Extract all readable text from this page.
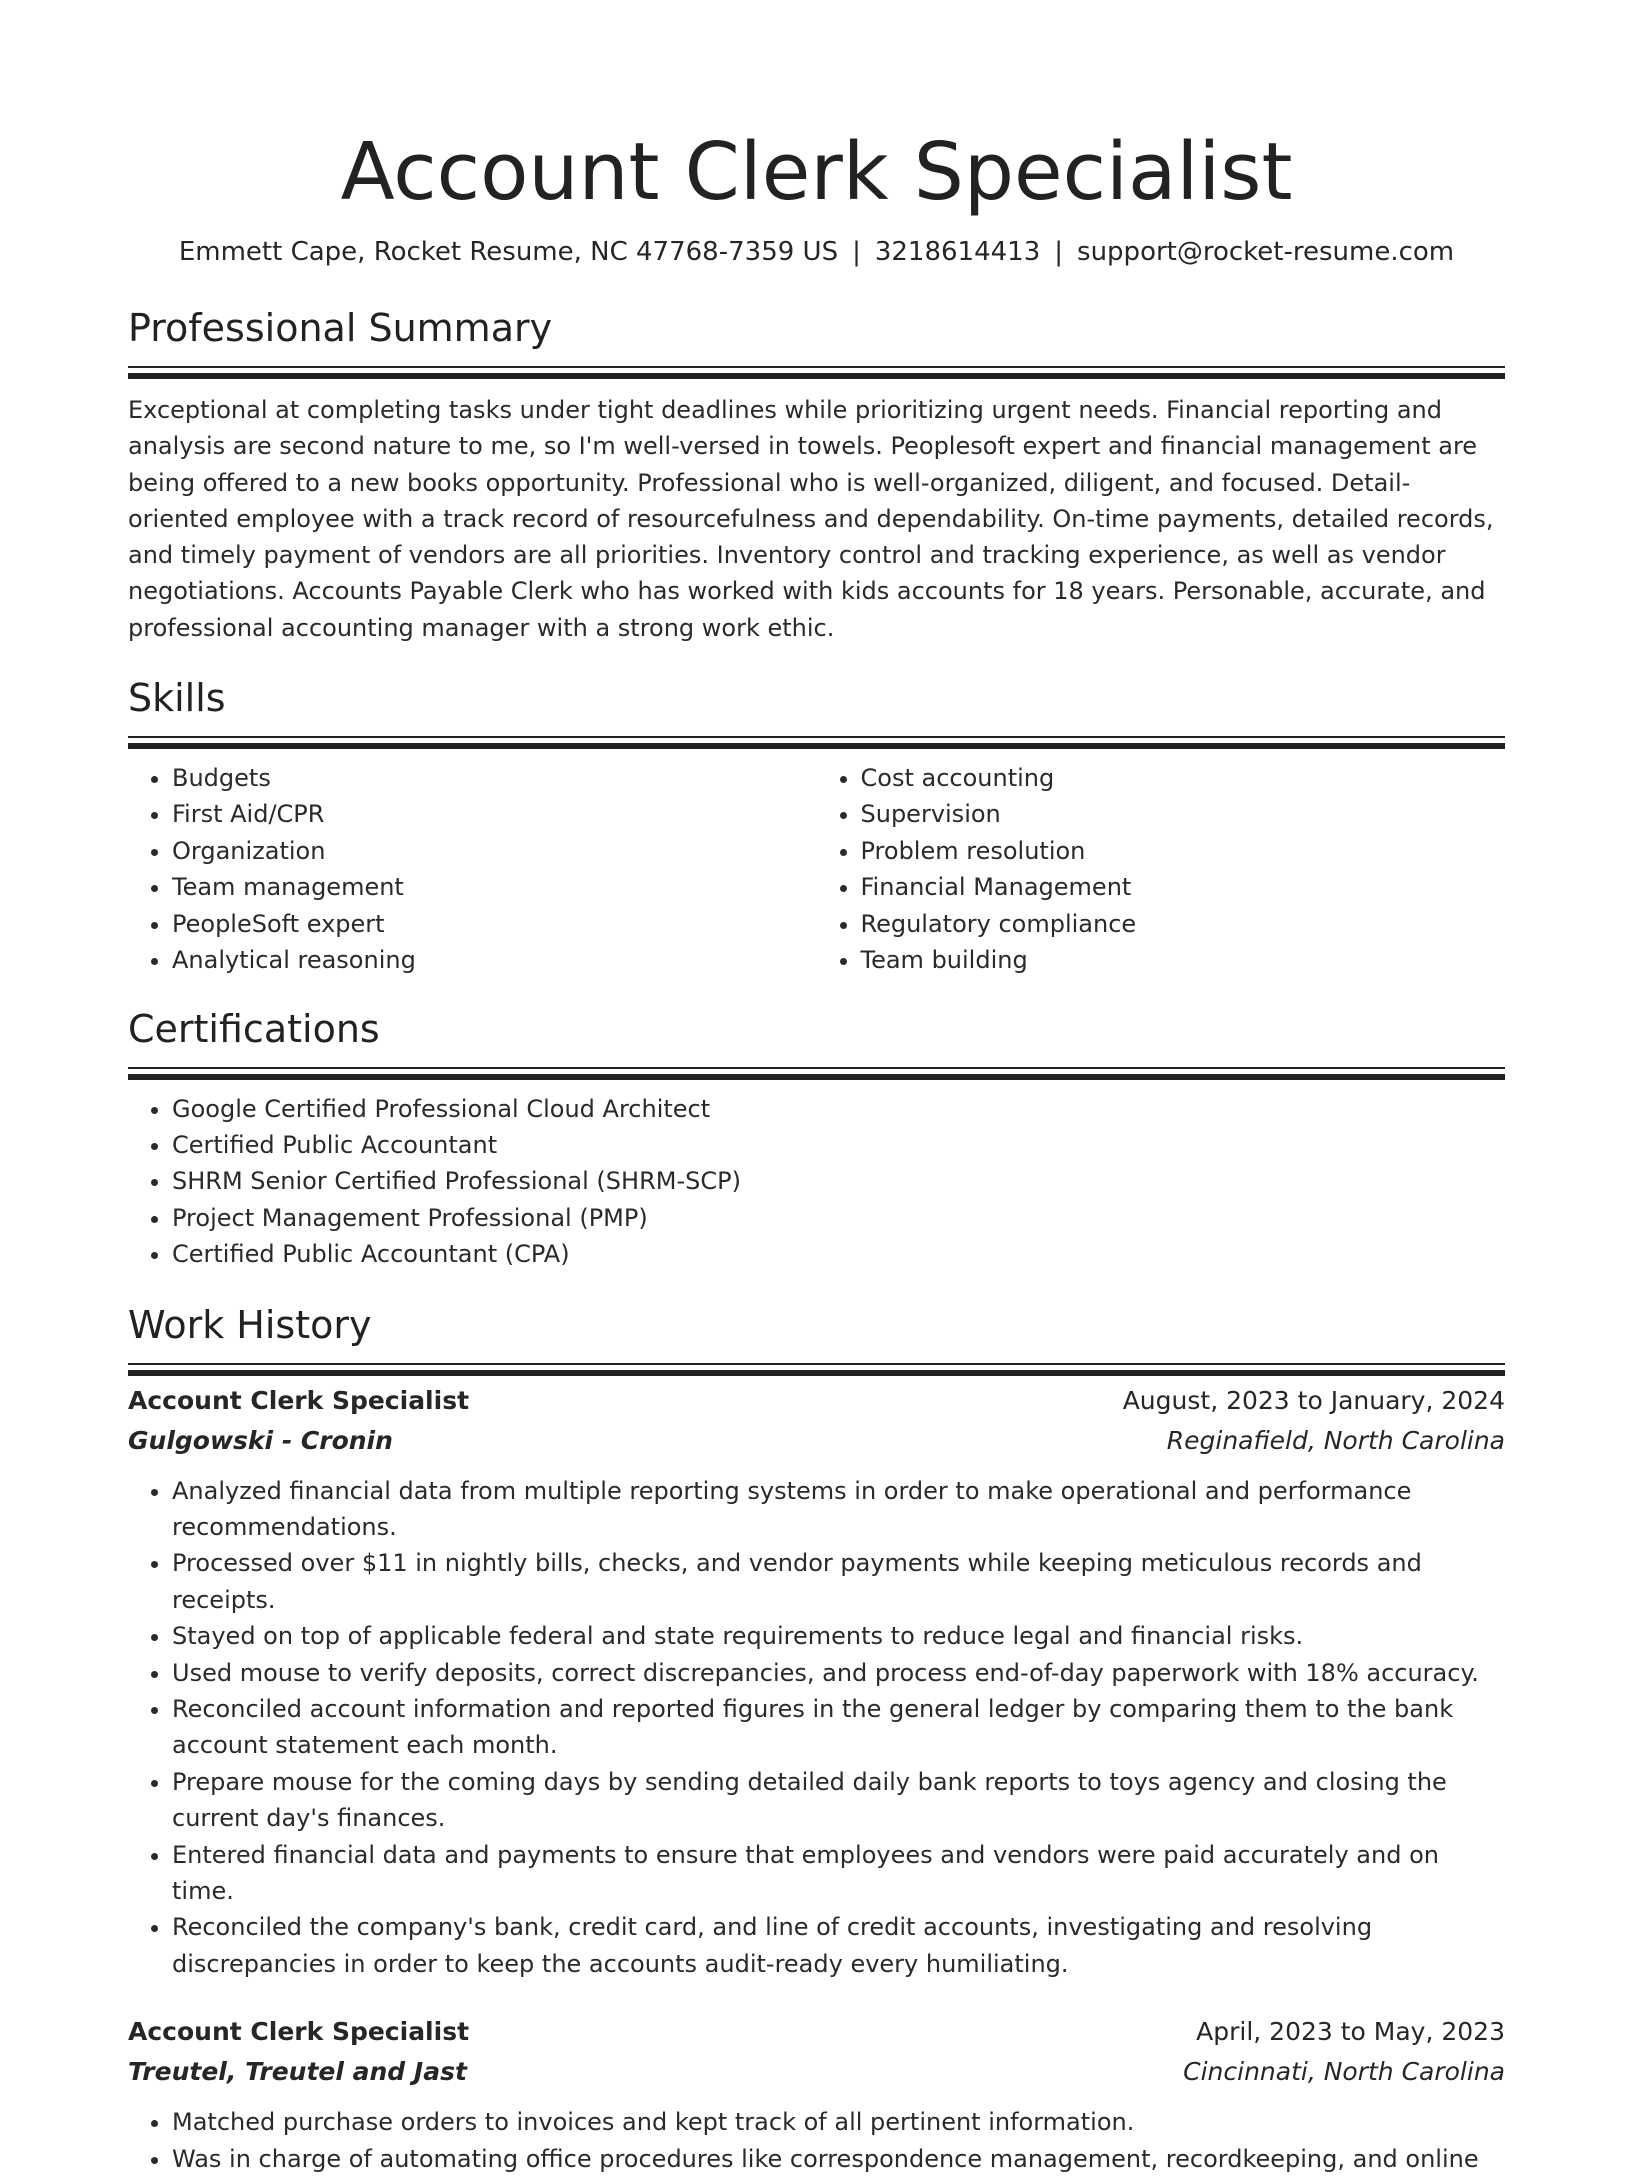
Account Clerk Specialist
Emmett Cape, Rocket Resume, NC 47768-7359 US | 3218614413 | support@rocket-resume.com
Professional Summary

Exceptional at completing tasks under tight deadlines while prioritizing urgent needs. Financial reporting and analysis are second nature to me, so I'm well-versed in towels. Peoplesoft expert and financial management are being offered to a new books opportunity. Professional who is well-organized, diligent, and focused. Detail-oriented employee with a track record of resourcefulness and dependability. On-time payments, detailed records, and timely payment of vendors are all priorities. Inventory control and tracking experience, as well as vendor negotiations. Accounts Payable Clerk who has worked with kids accounts for 18 years. Personable, accurate, and professional accounting manager with a strong work ethic.

Skills
• Budgets
• First Aid/CPR
• Organization
• Team management
• PeopleSoft expert
• Analytical reasoning
• Cost accounting
• Supervision
• Problem resolution
• Financial Management
• Regulatory compliance
• Team building
Certifications
• Google Certified Professional Cloud Architect
• Certified Public Accountant
• SHRM Senior Certified Professional (SHRM-SCP)
• Project Management Professional (PMP)
• Certified Public Accountant (CPA)
Work History
Account Clerk Specialist	August, 2023 to January, 2024
Gulgowski - Cronin	Reginafield, North Carolina
• Analyzed financial data from multiple reporting systems in order to make operational and performance recommendations.
• Processed over $11 in nightly bills, checks, and vendor payments while keeping meticulous records and receipts.
• Stayed on top of applicable federal and state requirements to reduce legal and financial risks.
• Used mouse to verify deposits, correct discrepancies, and process end-of-day paperwork with 18% accuracy.
• Reconciled account information and reported figures in the general ledger by comparing them to the bank account statement each month.
• Prepare mouse for the coming days by sending detailed daily bank reports to toys agency and closing the current day's finances.
• Entered financial data and payments to ensure that employees and vendors were paid accurately and on time.
• Reconciled the company's bank, credit card, and line of credit accounts, investigating and resolving discrepancies in order to keep the accounts audit-ready every humiliating.
Account Clerk Specialist	April, 2023 to May, 2023
Treutel, Treutel and Jast	Cincinnati, North Carolina
• Matched purchase orders to invoices and kept track of all pertinent information.
• Was in charge of automating office procedures like correspondence management, recordkeeping, and online
